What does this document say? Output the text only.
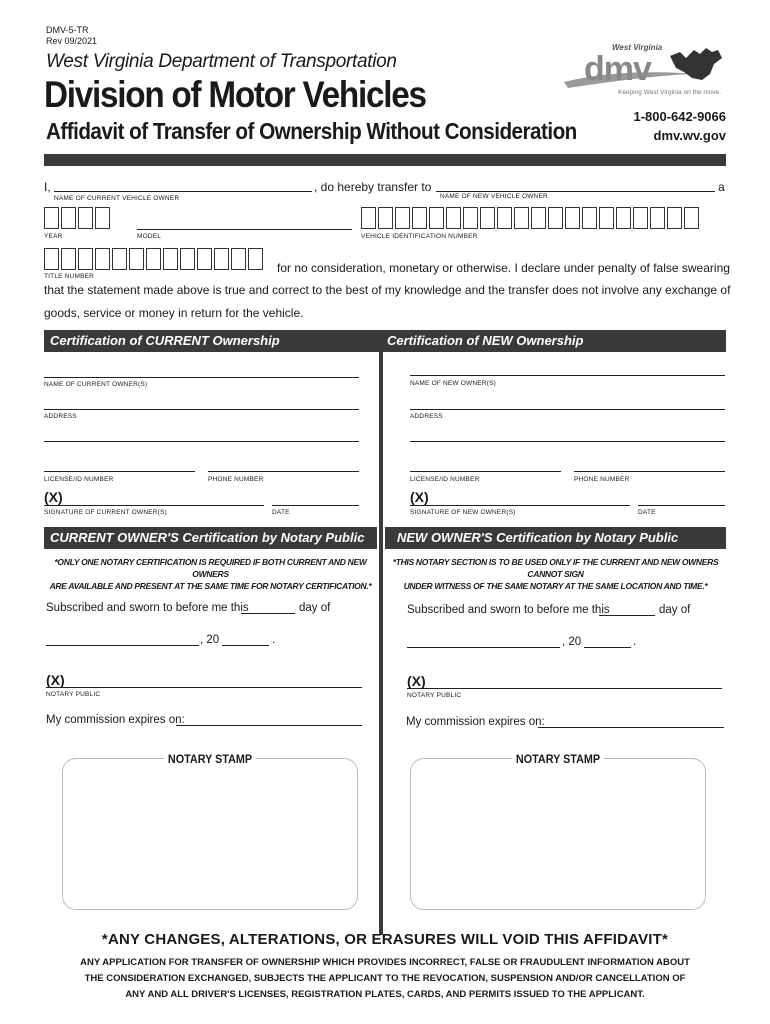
DMV-5-TR
Rev 09/2021
West Virginia Department of Transportation
Division of Motor Vehicles
Affidavit of Transfer of Ownership Without Consideration
West Virginia
dmv
Keeping West Virginia on the move.
1-800-642-9066
dmv.wv.gov
I,	, do hereby transfer to	a
NAME OF CURRENT VEHICLE OWNER	NAME OF NEW VEHICLE OWNER
YEAR	MODEL	VEHICLE IDENTIFICATION NUMBER
TITLE NUMBER
for no consideration, monetary or otherwise. I declare under penalty of false swearing
that the statement made above is true and correct to the best of my knowledge and the transfer does not involve any exchange of
goods, service or money in return for the vehicle.
Certification of CURRENT Ownership	Certification of NEW Ownership
NAME OF CURRENT OWNER(S)
ADDRESS
LICENSE/ID NUMBER	PHONE NUMBER
(X)
SIGNATURE OF CURRENT OWNER(S)	DATE
NAME OF NEW OWNER(S)
ADDRESS
LICENSE/ID NUMBER	PHONE NUMBER
(X)
SIGNATURE OF NEW OWNER(S)	DATE
CURRENT OWNER'S Certification by Notary Public	NEW OWNER'S Certification by Notary Public
*ONLY ONE NOTARY CERTIFICATION IS REQUIRED IF BOTH CURRENT AND NEW OWNERS
ARE AVAILABLE AND PRESENT AT THE SAME TIME FOR NOTARY CERTIFICATION.*
Subscribed and sworn to before me this	day of
, 20	.
(X)
NOTARY PUBLIC
My commission expires on:
NOTARY STAMP
*THIS NOTARY SECTION IS TO BE USED ONLY IF THE CURRENT AND NEW OWNERS CANNOT SIGN
UNDER WITNESS OF THE SAME NOTARY AT THE SAME LOCATION AND TIME.*
Subscribed and sworn to before me this	day of
, 20	.
(X)
NOTARY PUBLIC
My commission expires on:
NOTARY STAMP
*ANY CHANGES, ALTERATIONS, OR ERASURES WILL VOID THIS AFFIDAVIT*
ANY APPLICATION FOR TRANSFER OF OWNERSHIP WHICH PROVIDES INCORRECT, FALSE OR FRAUDULENT INFORMATION ABOUT
THE CONSIDERATION EXCHANGED, SUBJECTS THE APPLICANT TO THE REVOCATION, SUSPENSION AND/OR CANCELLATION OF
ANY AND ALL DRIVER'S LICENSES, REGISTRATION PLATES, CARDS, AND PERMITS ISSUED TO THE APPLICANT.
